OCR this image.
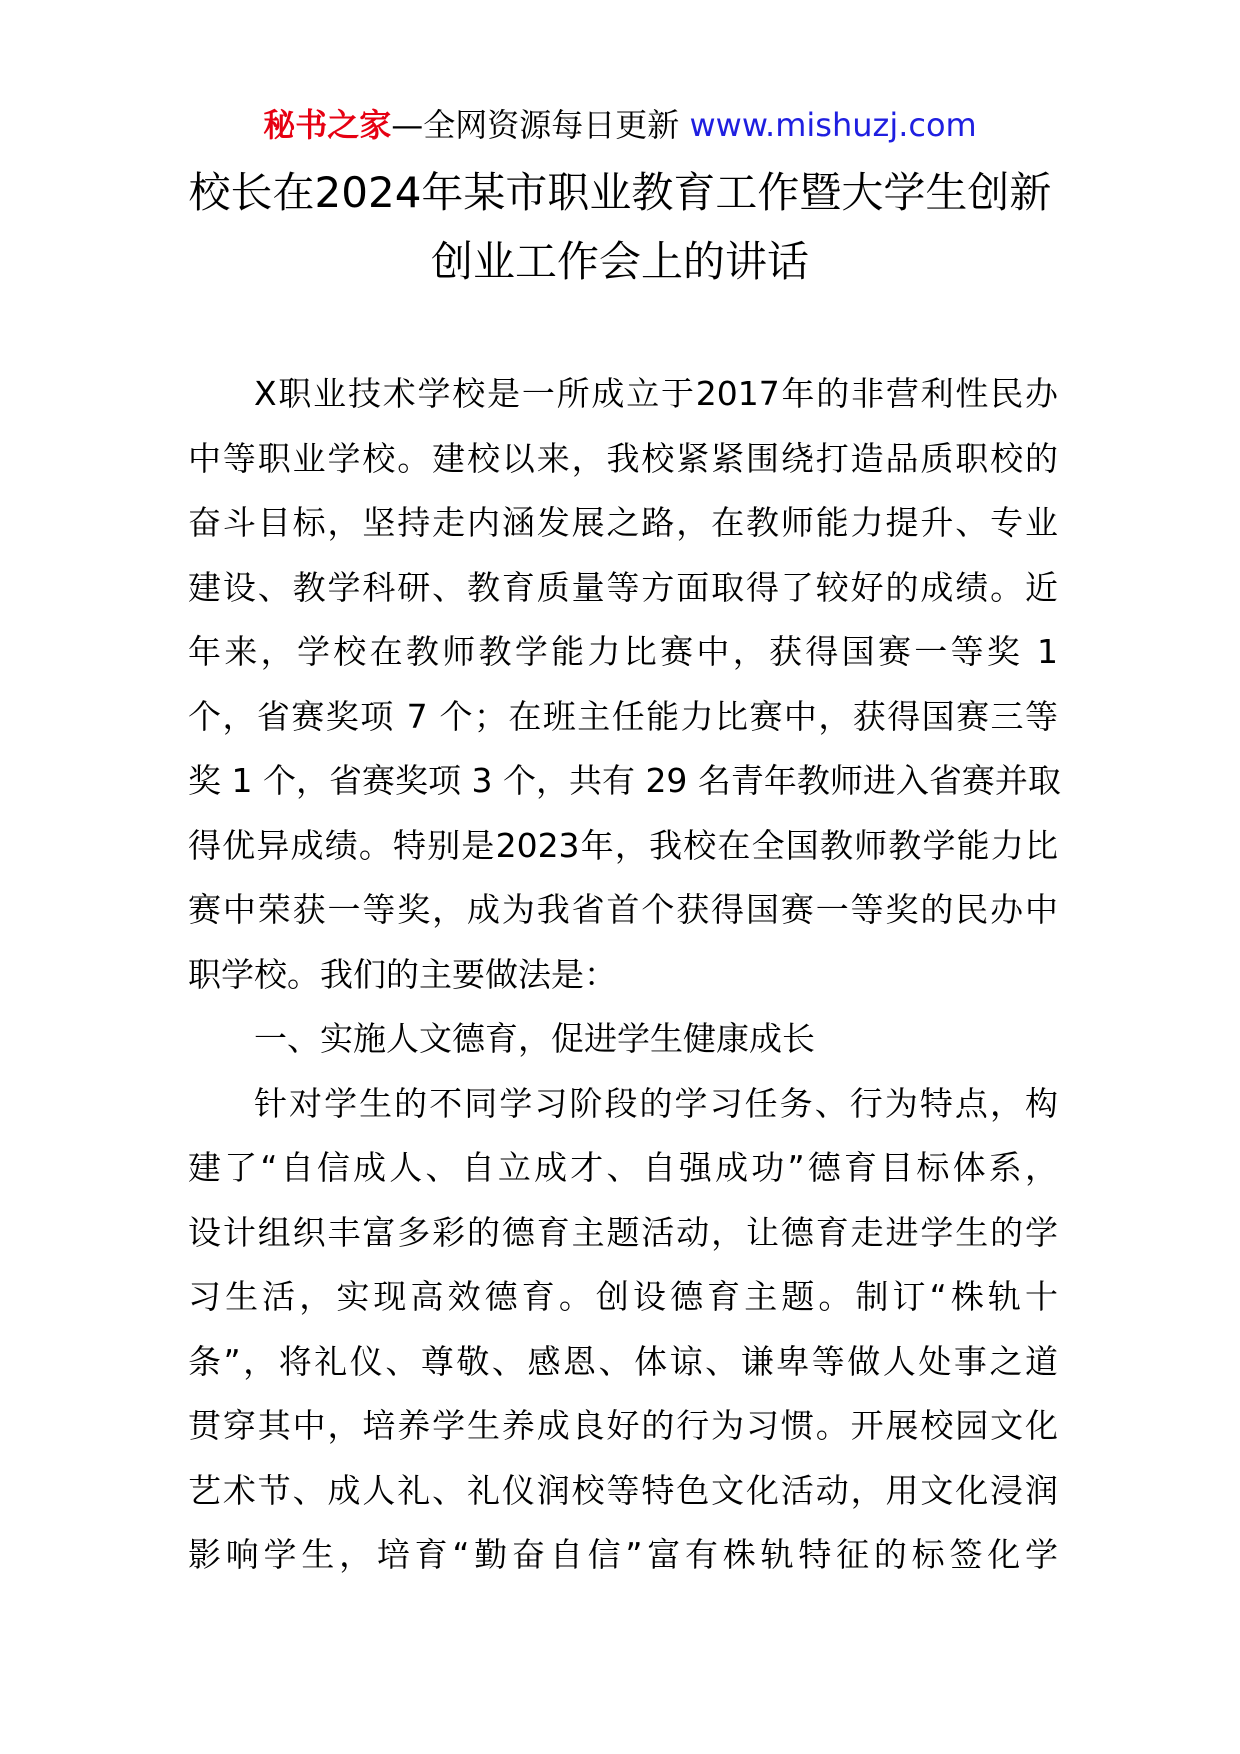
秘书之家—全网资源每日更新 www.mishuzj.com
校长在2024年某市职业教育工作暨大学生创新
创业工作会上的讲话
X职业技术学校是一所成立于2017年的非营利性民办
中等职业学校。建校以来，我校紧紧围绕打造品质职校的
奋斗目标，坚持走内涵发展之路，在教师能力提升、专业
建设、教学科研、教育质量等方面取得了较好的成绩。近
年来，学校在教师教学能力比赛中，获得国赛一等奖 1
个，省赛奖项 7 个；在班主任能力比赛中，获得国赛三等
奖 1 个，省赛奖项 3 个，共有 29 名青年教师进入省赛并取
得优异成绩。特别是2023年，我校在全国教师教学能力比
赛中荣获一等奖，成为我省首个获得国赛一等奖的民办中
职学校。我们的主要做法是：
一、实施人文德育，促进学生健康成长
针对学生的不同学习阶段的学习任务、行为特点，构
建了“自信成人、自立成才、自强成功”德育目标体系，
设计组织丰富多彩的德育主题活动，让德育走进学生的学
习生活，实现高效德育。创设德育主题。制订“株轨十
条”，将礼仪、尊敬、感恩、体谅、谦卑等做人处事之道
贯穿其中，培养学生养成良好的行为习惯。开展校园文化
艺术节、成人礼、礼仪润校等特色文化活动，用文化浸润
影响学生，培育“勤奋自信”富有株轨特征的标签化学
